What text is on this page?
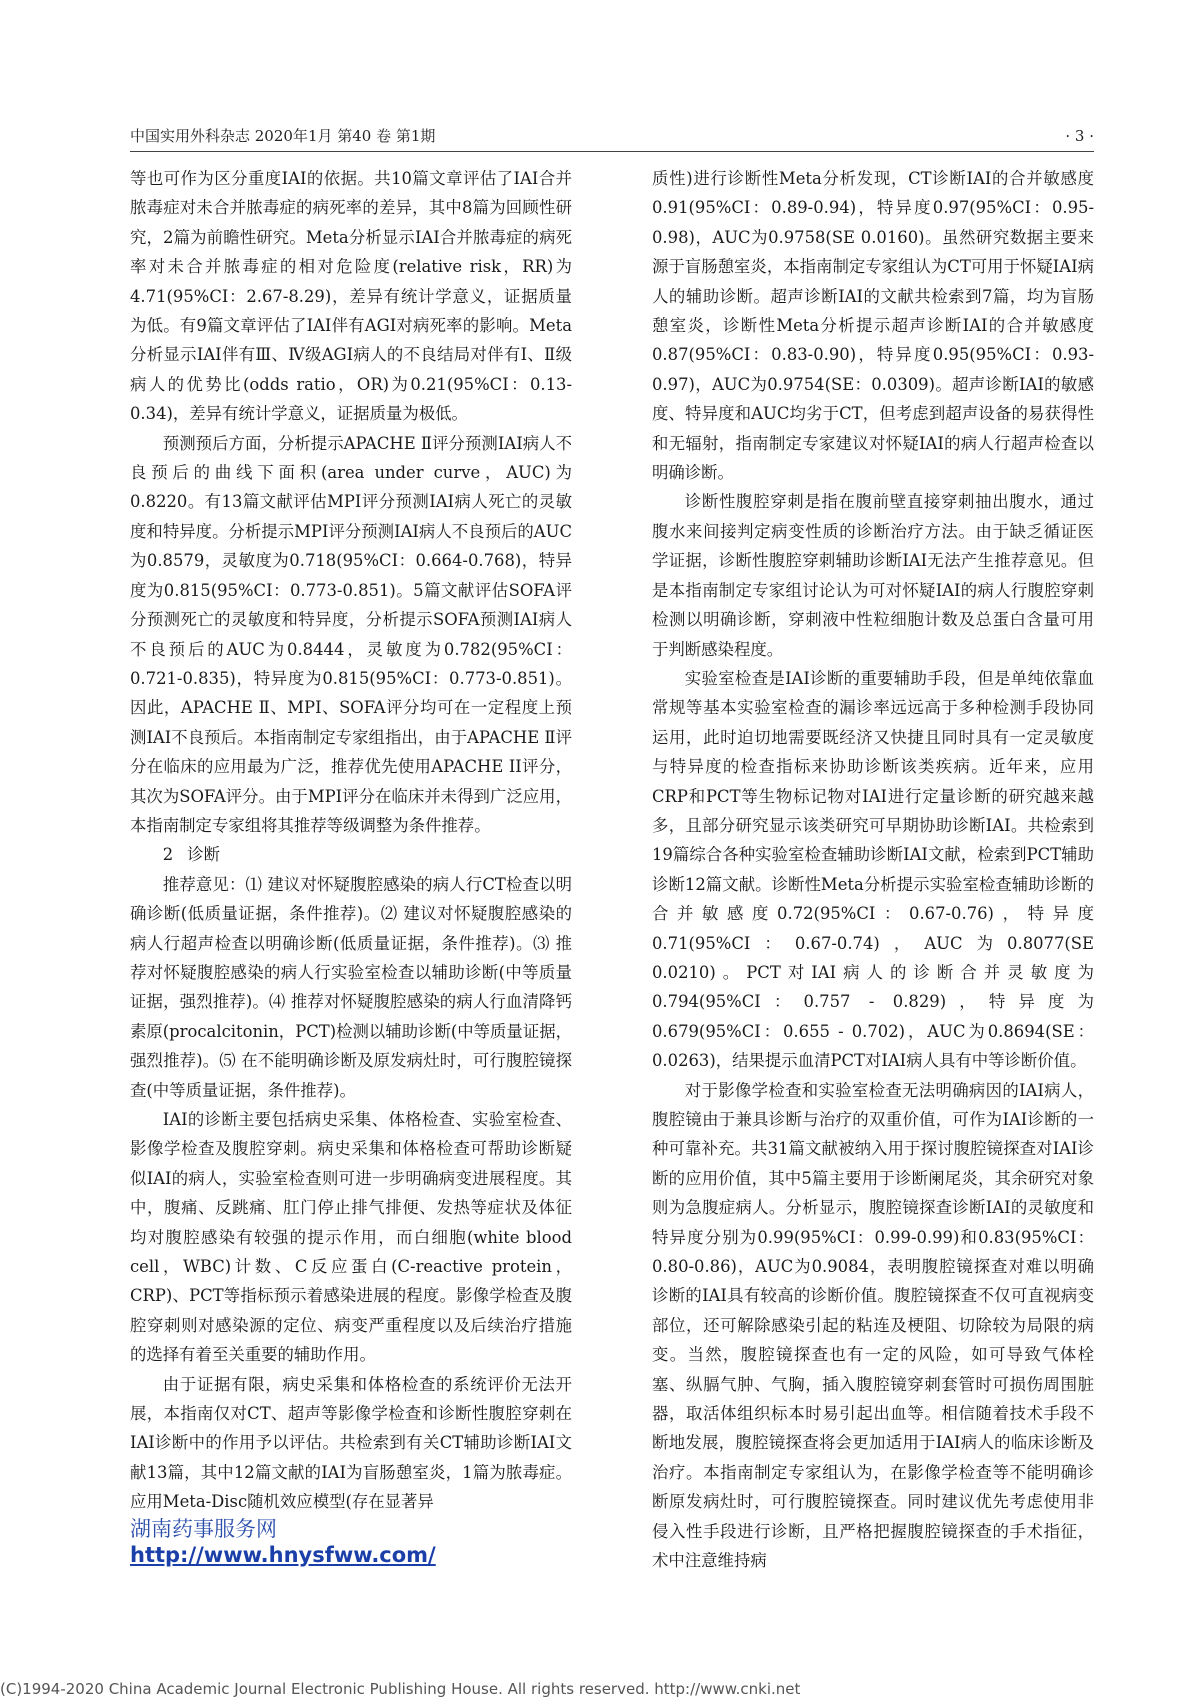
中国实用外科杂志 2020年1月 第40 卷 第1期	· 3 ·

等也可作为区分重度IAI的依据。共10篇文章评估了IAI合并脓毒症对未合并脓毒症的病死率的差异，其中8篇为回顾性研究，2篇为前瞻性研究。Meta分析显示IAI合并脓毒症的病死率对未合并脓毒症的相对危险度(relative risk，RR)为4.71(95%CI：2.67-8.29)，差异有统计学意义，证据质量为低。有9篇文章评估了IAI伴有AGI对病死率的影响。Meta分析显示IAI伴有Ⅲ、Ⅳ级AGI病人的不良结局对伴有Ⅰ、Ⅱ级病人的优势比(odds ratio，OR)为0.21(95%CI：0.13-0.34)，差异有统计学意义，证据质量为极低。

预测预后方面，分析提示APACHE Ⅱ评分预测IAI病人不良预后的曲线下面积(area under curve，AUC)为0.8220。有13篇文献评估MPI评分预测IAI病人死亡的灵敏度和特异度。分析提示MPI评分预测IAI病人不良预后的AUC为0.8579，灵敏度为0.718(95%CI：0.664-0.768)，特异度为0.815(95%CI：0.773-0.851)。5篇文献评估SOFA评分预测死亡的灵敏度和特异度，分析提示SOFA预测IAI病人不良预后的AUC为0.8444，灵敏度为0.782(95%CI：0.721-0.835)，特异度为0.815(95%CI：0.773-0.851)。因此，APACHE Ⅱ、MPI、SOFA评分均可在一定程度上预测IAI不良预后。本指南制定专家组指出，由于APACHE Ⅱ评分在临床的应用最为广泛，推荐优先使用APACHE II评分，其次为SOFA评分。由于MPI评分在临床并未得到广泛应用，本指南制定专家组将其推荐等级调整为条件推荐。

2 诊断

推荐意见：⑴ 建议对怀疑腹腔感染的病人行CT检查以明确诊断(低质量证据，条件推荐)。⑵ 建议对怀疑腹腔感染的病人行超声检查以明确诊断(低质量证据，条件推荐)。⑶ 推荐对怀疑腹腔感染的病人行实验室检查以辅助诊断(中等质量证据，强烈推荐)。⑷ 推荐对怀疑腹腔感染的病人行血清降钙素原(procalcitonin，PCT)检测以辅助诊断(中等质量证据，强烈推荐)。⑸ 在不能明确诊断及原发病灶时，可行腹腔镜探查(中等质量证据，条件推荐)。

IAI的诊断主要包括病史采集、体格检查、实验室检查、影像学检查及腹腔穿刺。病史采集和体格检查可帮助诊断疑似IAI的病人，实验室检查则可进一步明确病变进展程度。其中，腹痛、反跳痛、肛门停止排气排便、发热等症状及体征均对腹腔感染有较强的提示作用，而白细胞(white blood cell，WBC)计数、C反应蛋白(C-reactive protein，CRP)、PCT等指标预示着感染进展的程度。影像学检查及腹腔穿刺则对感染源的定位、病变严重程度以及后续治疗措施的选择有着至关重要的辅助作用。

由于证据有限，病史采集和体格检查的系统评价无法开展，本指南仅对CT、超声等影像学检查和诊断性腹腔穿刺在IAI诊断中的作用予以评估。共检索到有关CT辅助诊断IAI文献13篇，其中12篇文献的IAI为盲肠憩室炎，1篇为脓毒症。应用Meta-Disc随机效应模型(存在显著异

质性)进行诊断性Meta分析发现，CT诊断IAI的合并敏感度0.91(95%CI：0.89-0.94)，特异度0.97(95%CI：0.95-0.98)，AUC为0.9758(SE 0.0160)。虽然研究数据主要来源于盲肠憩室炎，本指南制定专家组认为CT可用于怀疑IAI病人的辅助诊断。超声诊断IAI的文献共检索到7篇，均为盲肠憩室炎，诊断性Meta分析提示超声诊断IAI的合并敏感度0.87(95%CI：0.83-0.90)，特异度0.95(95%CI：0.93-0.97)，AUC为0.9754(SE：0.0309)。超声诊断IAI的敏感度、特异度和AUC均劣于CT，但考虑到超声设备的易获得性和无辐射，指南制定专家建议对怀疑IAI的病人行超声检查以明确诊断。

诊断性腹腔穿刺是指在腹前壁直接穿刺抽出腹水，通过腹水来间接判定病变性质的诊断治疗方法。由于缺乏循证医学证据，诊断性腹腔穿刺辅助诊断IAI无法产生推荐意见。但是本指南制定专家组讨论认为可对怀疑IAI的病人行腹腔穿刺检测以明确诊断，穿刺液中性粒细胞计数及总蛋白含量可用于判断感染程度。

实验室检查是IAI诊断的重要辅助手段，但是单纯依靠血常规等基本实验室检查的漏诊率远远高于多种检测手段协同运用，此时迫切地需要既经济又快捷且同时具有一定灵敏度与特异度的检查指标来协助诊断该类疾病。近年来，应用CRP和PCT等生物标记物对IAI进行定量诊断的研究越来越多，且部分研究显示该类研究可早期协助诊断IAI。共检索到19篇综合各种实验室检查辅助诊断IAI文献，检索到PCT辅助诊断12篇文献。诊断性Meta分析提示实验室检查辅助诊断的合并敏感度0.72(95%CI：0.67-0.76)，特异度0.71(95%CI：0.67-0.74)，AUC为0.8077(SE 0.0210)。PCT对IAI病人的诊断合并灵敏度为0.794(95%CI：0.757 - 0.829)，特异度为0.679(95%CI：0.655 - 0.702)，AUC为0.8694(SE：0.0263)，结果提示血清PCT对IAI病人具有中等诊断价值。

对于影像学检查和实验室检查无法明确病因的IAI病人，腹腔镜由于兼具诊断与治疗的双重价值，可作为IAI诊断的一种可靠补充。共31篇文献被纳入用于探讨腹腔镜探查对IAI诊断的应用价值，其中5篇主要用于诊断阑尾炎，其余研究对象则为急腹症病人。分析显示，腹腔镜探查诊断IAI的灵敏度和特异度分别为0.99(95%CI：0.99-0.99)和0.83(95%CI：0.80-0.86)，AUC为0.9084，表明腹腔镜探查对难以明确诊断的IAI具有较高的诊断价值。腹腔镜探查不仅可直视病变部位，还可解除感染引起的粘连及梗阻、切除较为局限的病变。当然，腹腔镜探查也有一定的风险，如可导致气体栓塞、纵膈气肿、气胸，插入腹腔镜穿刺套管时可损伤周围脏器，取活体组织标本时易引起出血等。相信随着技术手段不断地发展，腹腔镜探查将会更加适用于IAI病人的临床诊断及治疗。本指南制定专家组认为，在影像学检查等不能明确诊断原发病灶时，可行腹腔镜探查。同时建议优先考虑使用非侵入性手段进行诊断，且严格把握腹腔镜探查的手术指征，术中注意维持病

湖南药事服务网
http://www.hnysfww.com/
(C)1994-2020 China Academic Journal Electronic Publishing House. All rights reserved. http://www.cnki.net
